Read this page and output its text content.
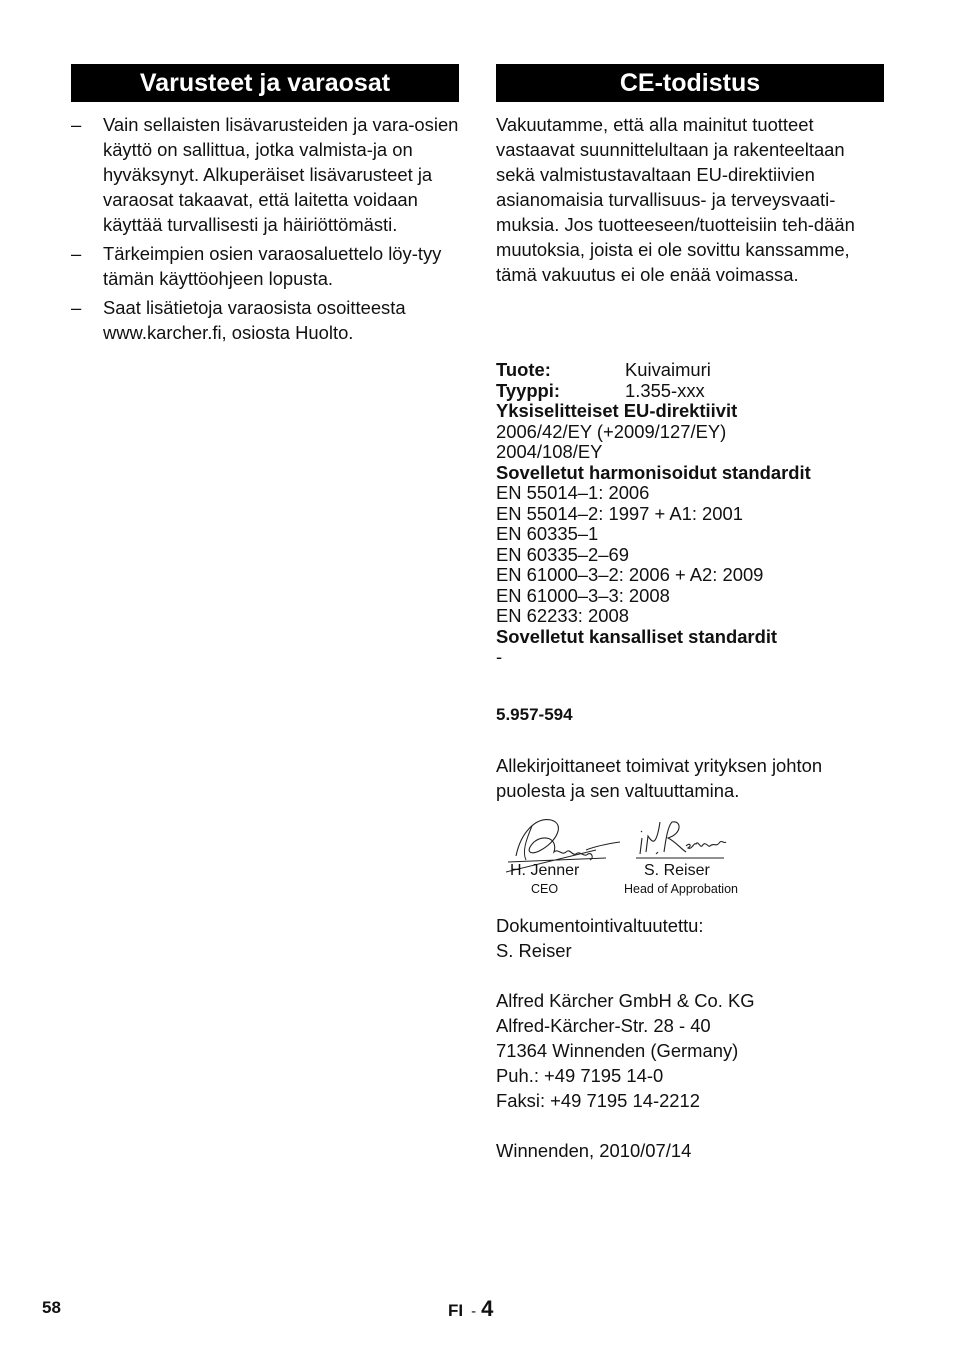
Varusteet ja varaosat
– Vain sellaisten lisävarusteiden ja vara-osien käyttö on sallittua, jotka valmista-ja on hyväksynyt. Alkuperäiset lisävarusteet ja varaosat takaavat, että laitetta voidaan käyttää turvallisesti ja häiriöttömästi.
– Tärkeimpien osien varaosaluettelo löy-tyy tämän käyttöohjeen lopusta.
– Saat lisätietoja varaosista osoitteesta www.karcher.fi, osiosta Huolto.
CE-todistus
Vakuutamme, että alla mainitut tuotteet vastaavat suunnittelultaan ja rakenteeltaan sekä valmistustavaltaan EU-direktiivien asianomaisia turvallisuus- ja terveysvaati-muksia. Jos tuotteeseen/tuotteisiin teh-dään muutoksia, joista ei ole sovittu kanssamme, tämä vakuutus ei ole enää voimassa.
Tuote:	Kuivaimuri
Tyyppi:	1.355-xxx
Yksiselitteiset EU-direktiivit
2006/42/EY (+2009/127/EY)
2004/108/EY
Sovelletut harmonisoidut standardit
EN 55014–1: 2006
EN 55014–2: 1997 + A1: 2001
EN 60335–1
EN 60335–2–69
EN 61000–3–2: 2006 + A2: 2009
EN 61000–3–3: 2008
EN 62233: 2008
Sovelletut kansalliset standardit
-
5.957-594
Allekirjoittaneet toimivat yrityksen johton
puolesta ja sen valtuuttamina.
H. Jenner
CEO
S. Reiser
Head of Approbation
Dokumentointivaltuutettu:
S. Reiser
Alfred Kärcher GmbH & Co. KG
Alfred-Kärcher-Str. 28 - 40
71364 Winnenden (Germany)
Puh.: +49 7195 14-0
Faksi: +49 7195 14-2212
Winnenden, 2010/07/14
58	FI - 4
